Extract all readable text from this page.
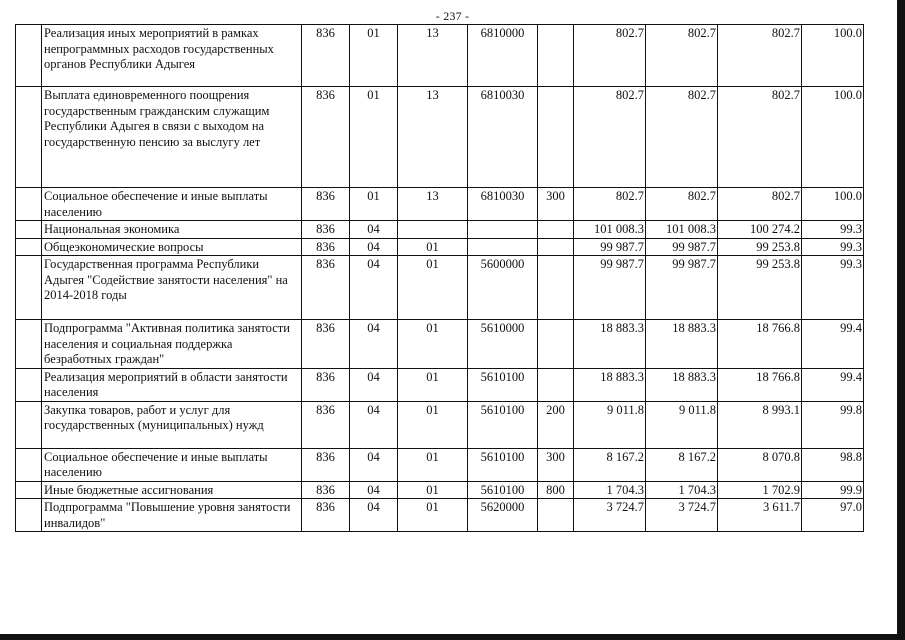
- 237 -
	Реализация иных мероприятий в рамках непрограммных расходов государственных органов Республики Адыгея	836	01	13	6810000		802.7	802.7	802.7	100.0
	Выплата единовременного поощрения государственным гражданским служащим Республики Адыгея в связи с выходом на государственную пенсию за выслугу лет	836	01	13	6810030		802.7	802.7	802.7	100.0
	Социальное обеспечение и иные выплаты населению	836	01	13	6810030	300	802.7	802.7	802.7	100.0
	Национальная экономика	836	04				101 008.3	101 008.3	100 274.2	99.3
	Общеэкономические вопросы	836	04	01			99 987.7	99 987.7	99 253.8	99.3
	Государственная программа Республики Адыгея "Содействие занятости населения" на 2014-2018 годы	836	04	01	5600000		99 987.7	99 987.7	99 253.8	99.3
	Подпрограмма "Активная политика занятости населения и социальная поддержка безработных граждан"	836	04	01	5610000		18 883.3	18 883.3	18 766.8	99.4
	Реализация мероприятий в области занятости населения	836	04	01	5610100		18 883.3	18 883.3	18 766.8	99.4
	Закупка товаров, работ и услуг для государственных (муниципальных) нужд	836	04	01	5610100	200	9 011.8	9 011.8	8 993.1	99.8
	Социальное обеспечение и иные выплаты населению	836	04	01	5610100	300	8 167.2	8 167.2	8 070.8	98.8
	Иные бюджетные ассигнования	836	04	01	5610100	800	1 704.3	1 704.3	1 702.9	99.9
	Подпрограмма "Повышение уровня занятости инвалидов"	836	04	01	5620000		3 724.7	3 724.7	3 611.7	97.0
